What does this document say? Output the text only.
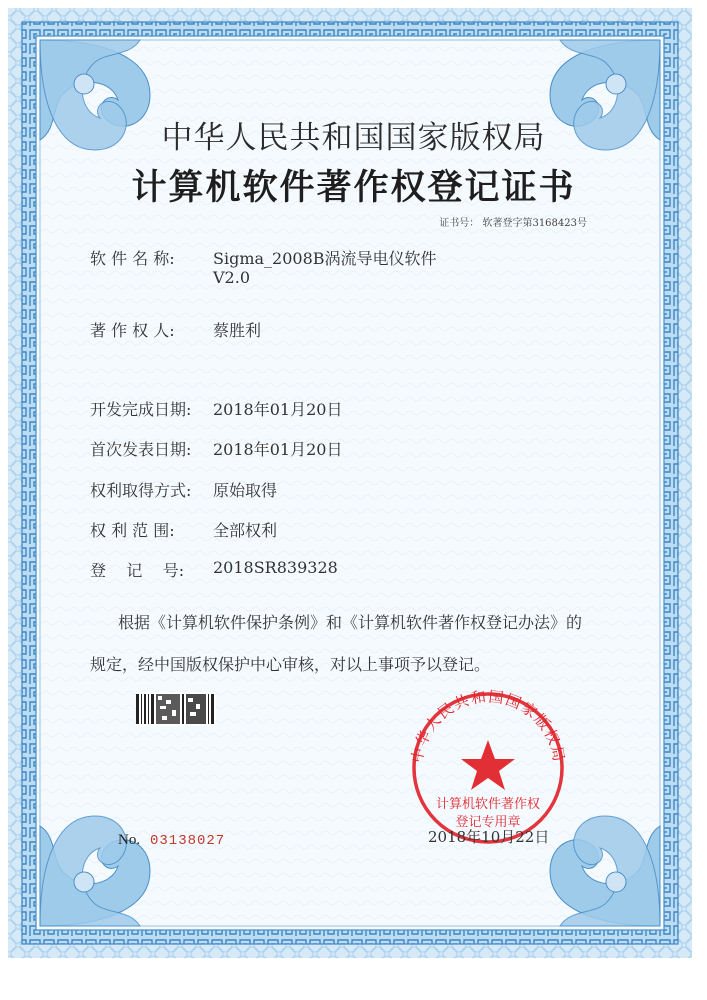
中华人民共和国国家版权局
计算机软件著作权
登记专用章
中华人民共和国国家版权局
计算机软件著作权登记证书
证书号： 软著登字第3168423号
软 件 名 称: Sigma_2008B涡流导电仪软件
V2.0
著 作 权 人: 蔡胜利
开发完成日期: 2018年01月20日
首次发表日期: 2018年01月20日
权利取得方式: 原始取得
权 利 范 围: 全部权利
登    记    号: 2018SR839328
根据《计算机软件保护条例》和《计算机软件著作权登记办法》的
规定，经中国版权保护中心审核，对以上事项予以登记。
No. 03138027	2018年10月22日
